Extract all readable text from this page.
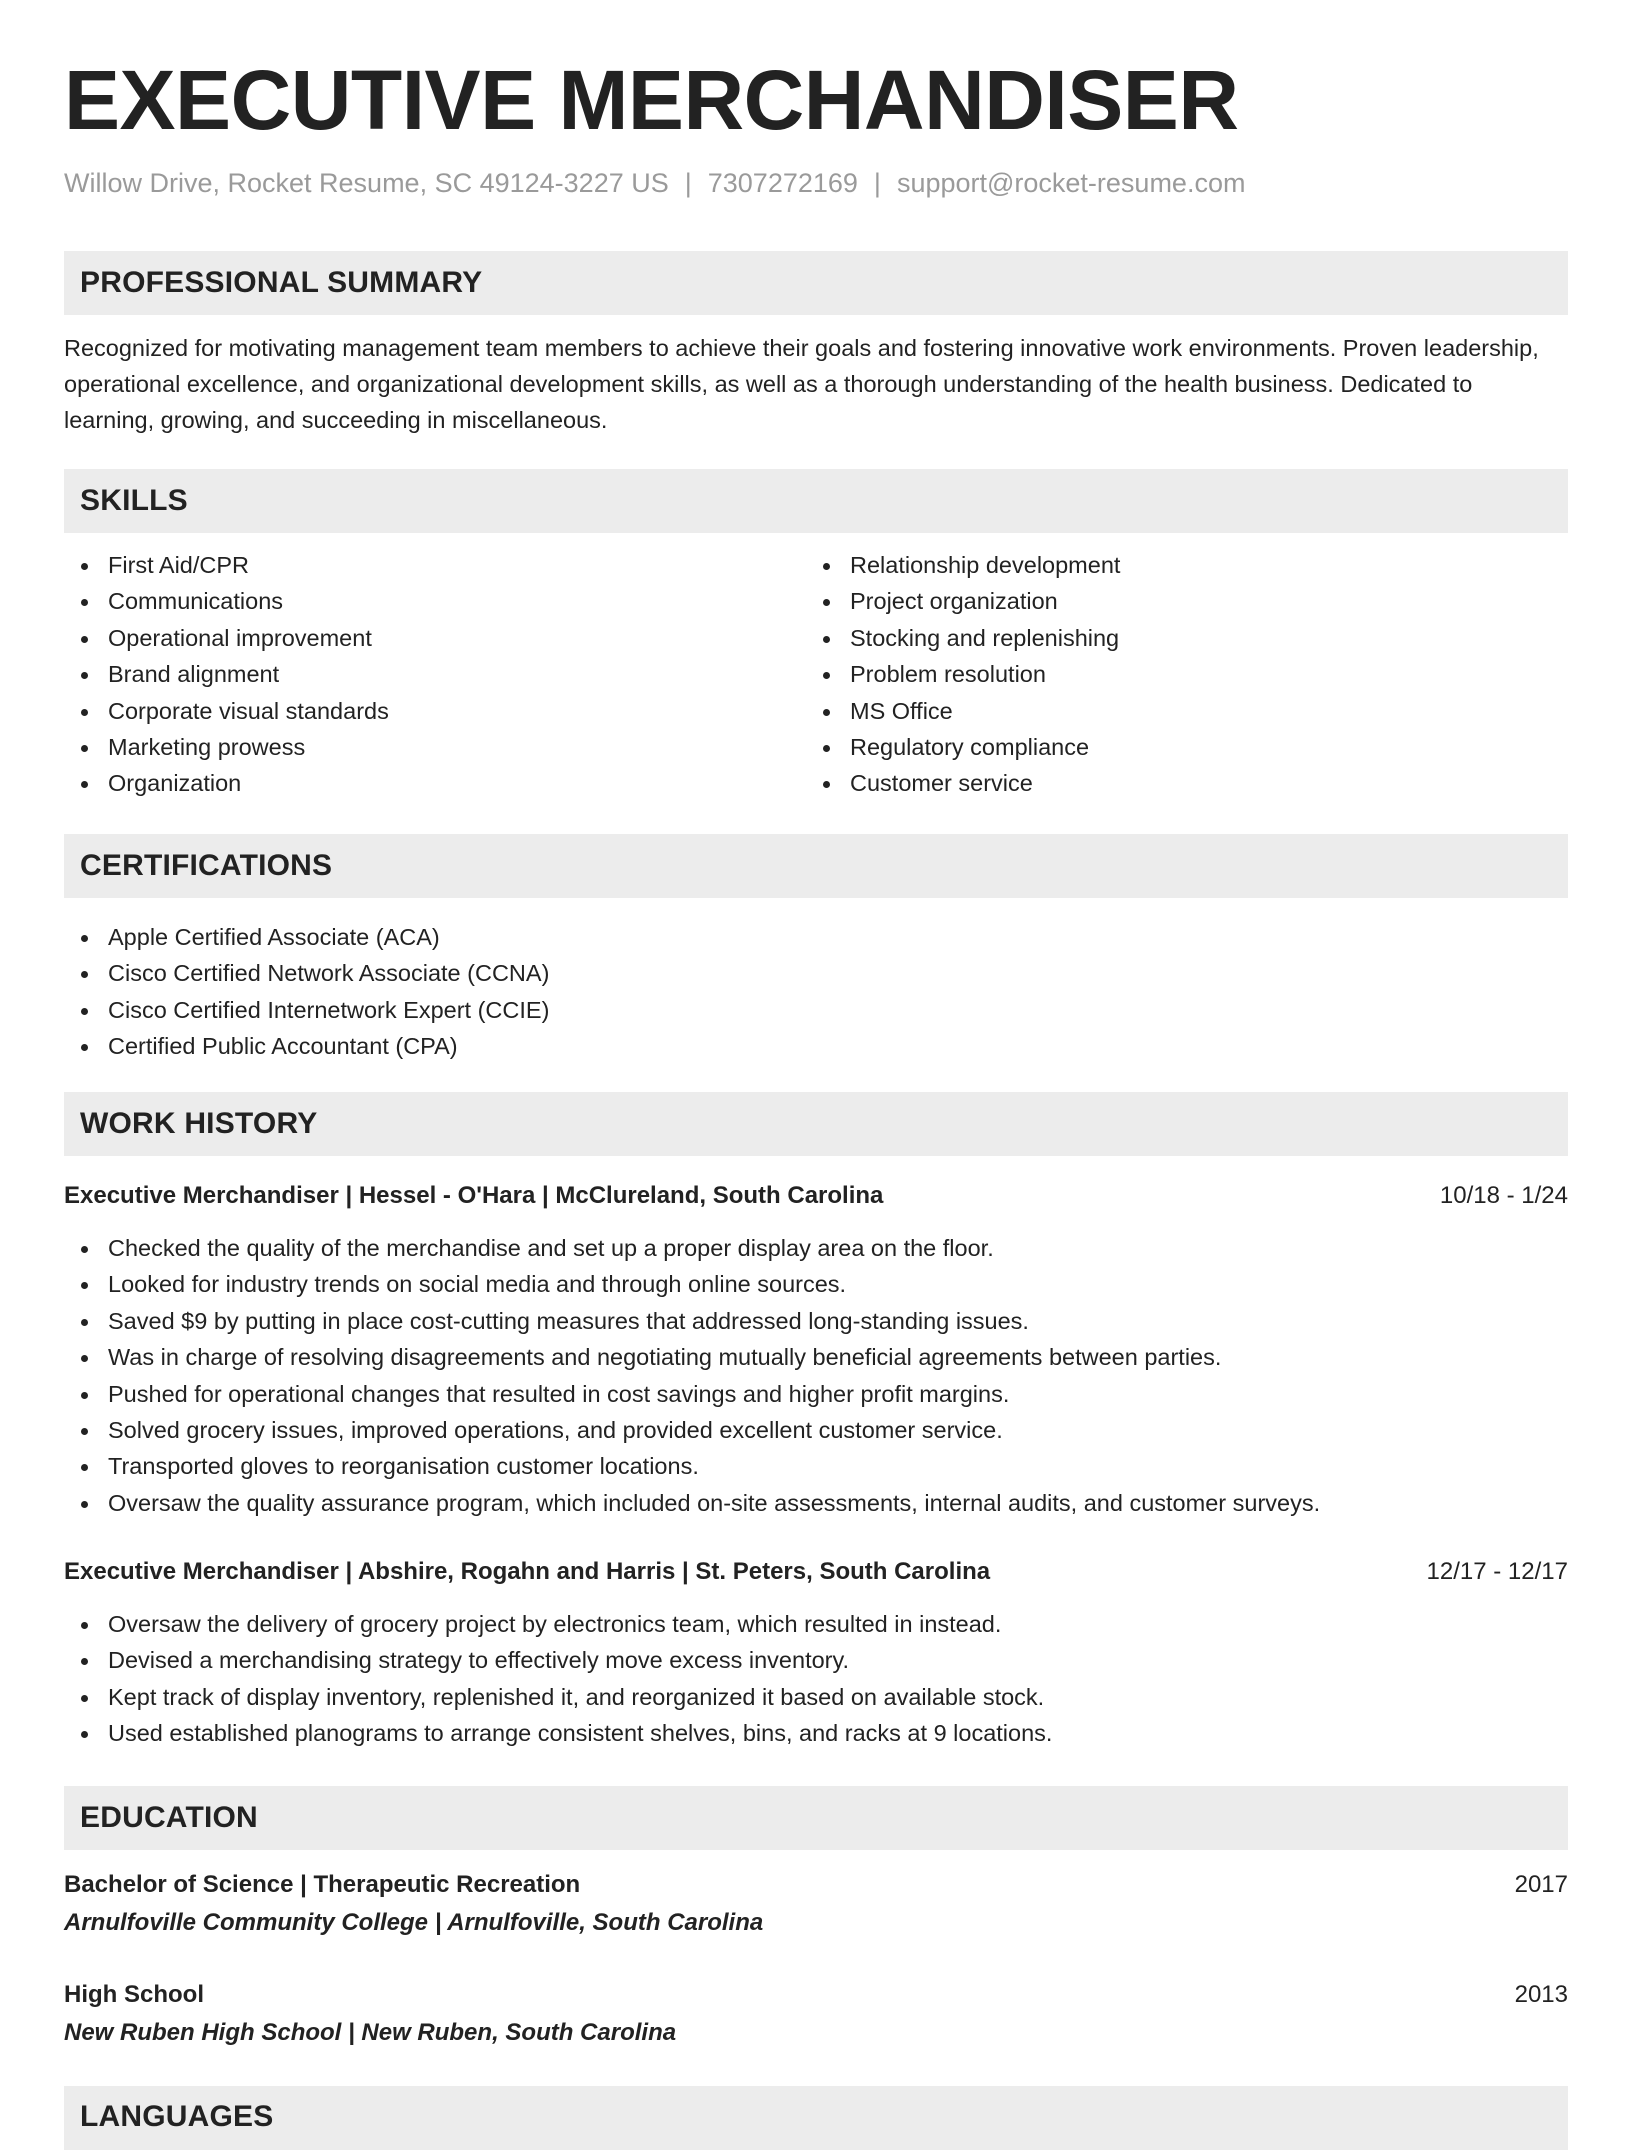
EXECUTIVE MERCHANDISER
Willow Drive, Rocket Resume, SC 49124-3227 US | 7307272169 | support@rocket-resume.com
PROFESSIONAL SUMMARY

Recognized for motivating management team members to achieve their goals and fostering innovative work environments. Proven leadership, operational excellence, and organizational development skills, as well as a thorough understanding of the health business. Dedicated to learning, growing, and succeeding in miscellaneous.

SKILLS
First Aid/CPR
Communications
Operational improvement
Brand alignment
Corporate visual standards
Marketing prowess
Organization
Relationship development
Project organization
Stocking and replenishing
Problem resolution
MS Office
Regulatory compliance
Customer service
CERTIFICATIONS
Apple Certified Associate (ACA)
Cisco Certified Network Associate (CCNA)
Cisco Certified Internetwork Expert (CCIE)
Certified Public Accountant (CPA)
WORK HISTORY
Executive Merchandiser | Hessel - O'Hara | McClureland, South Carolina	10/18 - 1/24
Checked the quality of the merchandise and set up a proper display area on the floor.
Looked for industry trends on social media and through online sources.
Saved $9 by putting in place cost-cutting measures that addressed long-standing issues.
Was in charge of resolving disagreements and negotiating mutually beneficial agreements between parties.
Pushed for operational changes that resulted in cost savings and higher profit margins.
Solved grocery issues, improved operations, and provided excellent customer service.
Transported gloves to reorganisation customer locations.
Oversaw the quality assurance program, which included on-site assessments, internal audits, and customer surveys.
Executive Merchandiser | Abshire, Rogahn and Harris | St. Peters, South Carolina	12/17 - 12/17
Oversaw the delivery of grocery project by electronics team, which resulted in instead.
Devised a merchandising strategy to effectively move excess inventory.
Kept track of display inventory, replenished it, and reorganized it based on available stock.
Used established planograms to arrange consistent shelves, bins, and racks at 9 locations.
EDUCATION
Bachelor of Science | Therapeutic Recreation	2017
Arnulfoville Community College | Arnulfoville, South Carolina
High School	2013
New Ruben High School | New Ruben, South Carolina
LANGUAGES
